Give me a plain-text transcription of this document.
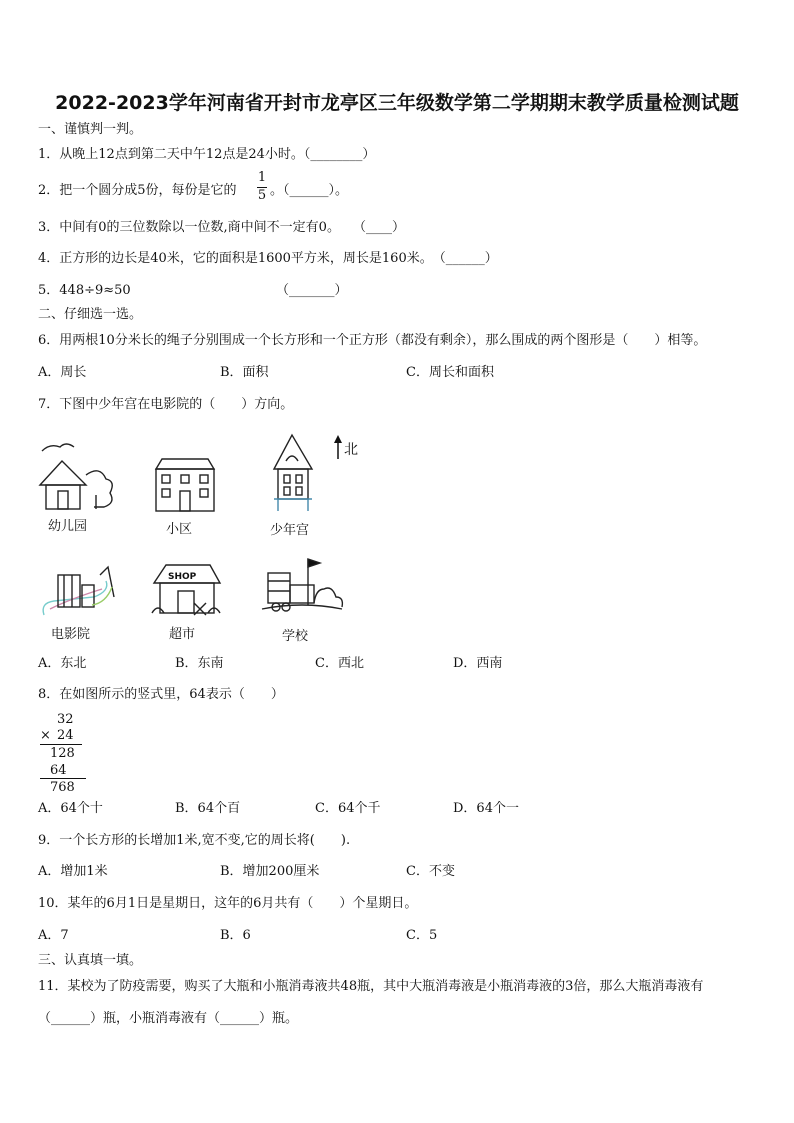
2022-2023学年河南省开封市龙亭区三年级数学第二学期期末教学质量检测试题
一、谨慎判一判。
1．从晚上12点到第二天中午12点是24小时。（________）
2．把一个圆分成5份，每份是它的
1
5 。（______）。
3．中间有0的三位数除以一位数,商中间不一定有0。　　（____）
4．正方形的边长是40米，它的面积是1600平方米，周长是160米。　（______）
5．448÷9≈50	（_______）
二、仔细选一选。
6．用两根10分米长的绳子分别围成一个长方形和一个正方形（都没有剩余），那么围成的两个图形是（　　）相等。
A．周长	B．面积	C．周长和面积
7．下图中少年宫在电影院的（　　）方向。
SHOP
北
幼儿园	小区	少年宫
电影院	超市	学校
A．东北	B．东南	C．西北	D．西南
8．在如图所示的竖式里，64表示（　　）
32
× 24
128
64
768
A．64个十	B．64个百	C．64个千	D．64个一
9．一个长方形的长增加1米,宽不变,它的周长将(　　).
A．增加1米	B．增加200厘米	C．不变
10．某年的6月1日是星期日，这年的6月共有（　　）个星期日。
A．7	B．6	C．5
三、认真填一填。
11．某校为了防疫需要，购买了大瓶和小瓶消毒液共48瓶，其中大瓶消毒液是小瓶消毒液的3倍，那么大瓶消毒液有
（______）瓶，小瓶消毒液有（______）瓶。
